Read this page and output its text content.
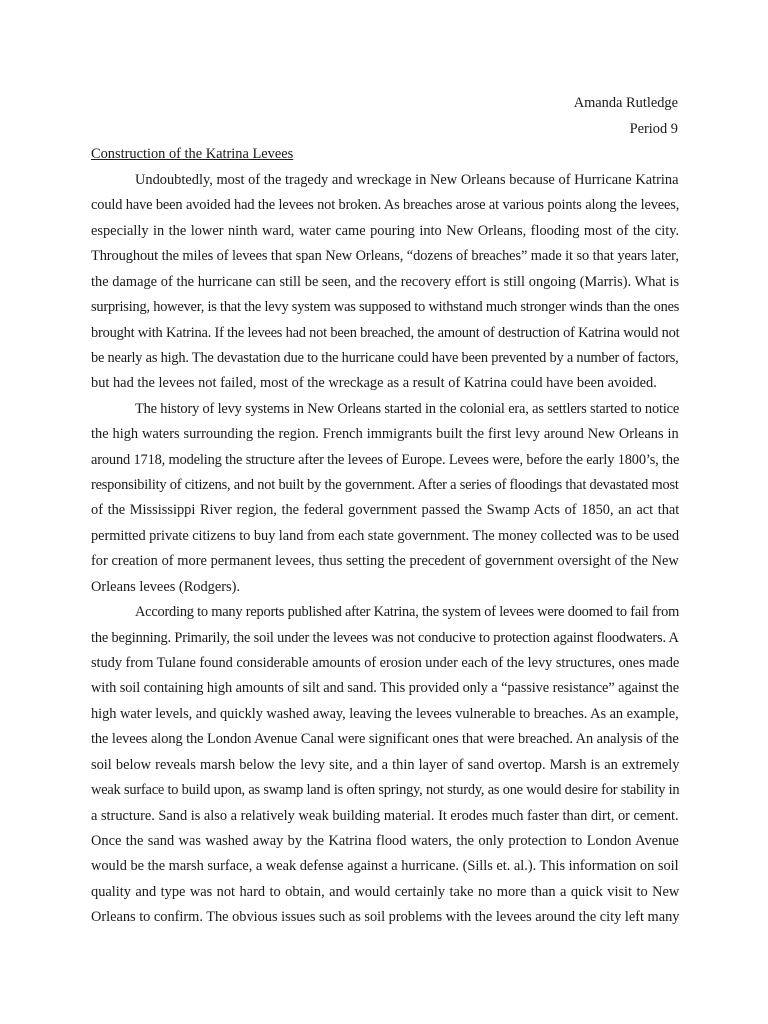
Amanda Rutledge
Period 9
Construction of the Katrina Levees
Undoubtedly, most of the tragedy and wreckage in New Orleans because of Hurricane Katrina
could have been avoided had the levees not broken. As breaches arose at various points along the levees,
especially in the lower ninth ward, water came pouring into New Orleans, flooding most of the city.
Throughout the miles of levees that span New Orleans, “dozens of breaches” made it so that years later,
the damage of the hurricane can still be seen, and the recovery effort is still ongoing (Marris). What is
surprising, however, is that the levy system was supposed to withstand much stronger winds than the ones
brought with Katrina. If the levees had not been breached, the amount of destruction of Katrina would not
be nearly as high. The devastation due to the hurricane could have been prevented by a number of factors,
but had the levees not failed, most of the wreckage as a result of Katrina could have been avoided.
The history of levy systems in New Orleans started in the colonial era, as settlers started to notice
the high waters surrounding the region. French immigrants built the first levy around New Orleans in
around 1718, modeling the structure after the levees of Europe. Levees were, before the early 1800’s, the
responsibility of citizens, and not built by the government. After a series of floodings that devastated most
of the Mississippi River region, the federal government passed the Swamp Acts of 1850, an act that
permitted private citizens to buy land from each state government. The money collected was to be used
for creation of more permanent levees, thus setting the precedent of government oversight of the New
Orleans levees (Rodgers).
According to many reports published after Katrina, the system of levees were doomed to fail from
the beginning. Primarily, the soil under the levees was not conducive to protection against floodwaters. A
study from Tulane found considerable amounts of erosion under each of the levy structures, ones made
with soil containing high amounts of silt and sand. This provided only a “passive resistance” against the
high water levels, and quickly washed away, leaving the levees vulnerable to breaches. As an example,
the levees along the London Avenue Canal were significant ones that were breached. An analysis of the
soil below reveals marsh below the levy site, and a thin layer of sand overtop. Marsh is an extremely
weak surface to build upon, as swamp land is often springy, not sturdy, as one would desire for stability in
a structure. Sand is also a relatively weak building material. It erodes much faster than dirt, or cement.
Once the sand was washed away by the Katrina flood waters, the only protection to London Avenue
would be the marsh surface, a weak defense against a hurricane. (Sills et. al.). This information on soil
quality and type was not hard to obtain, and would certainly take no more than a quick visit to New
Orleans to confirm. The obvious issues such as soil problems with the levees around the city left many
